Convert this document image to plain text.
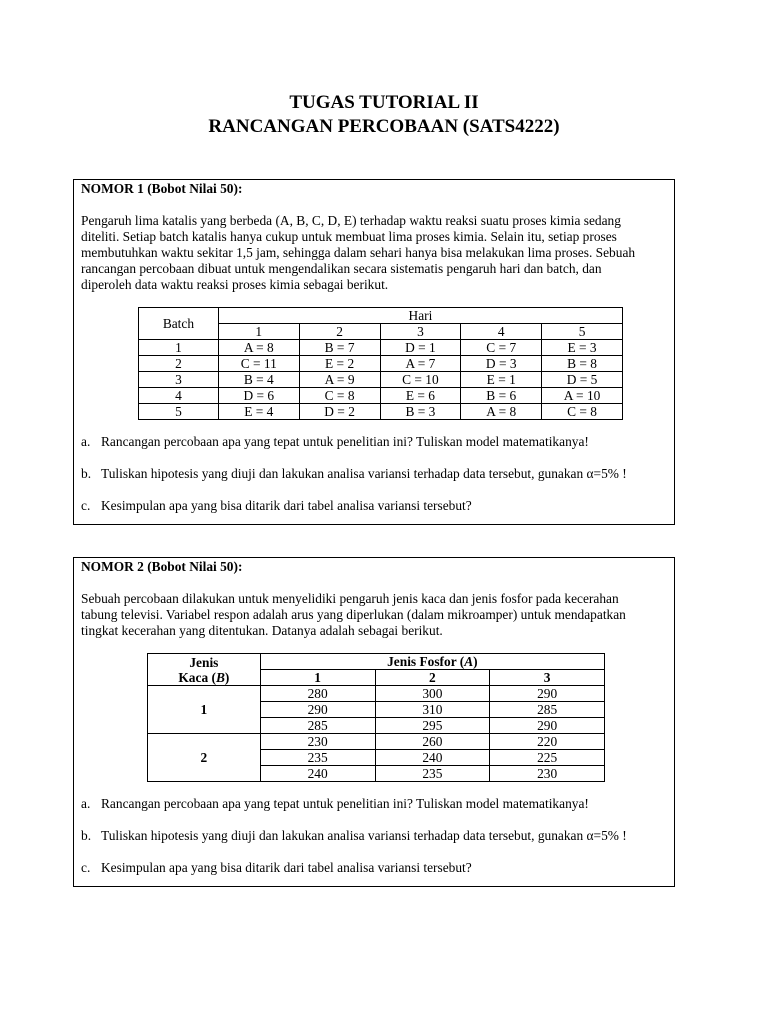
TUGAS TUTORIAL II
RANCANGAN PERCOBAAN (SATS4222)
NOMOR 1 (Bobot Nilai 50):
Pengaruh lima katalis yang berbeda (A, B, C, D, E) terhadap waktu reaksi suatu proses kimia sedang
diteliti. Setiap batch katalis hanya cukup untuk membuat lima proses kimia. Selain itu, setiap proses
membutuhkan waktu sekitar 1,5 jam, sehingga dalam sehari hanya bisa melakukan lima proses. Sebuah
rancangan percobaan dibuat untuk mengendalikan secara sistematis pengaruh hari dan batch, dan
diperoleh data waktu reaksi proses kimia sebagai berikut.
Batch	Hari				
	1	2	3	4	5
1	A = 8	B = 7	D = 1	C = 7	E = 3
2	C = 11	E = 2	A = 7	D = 3	B = 8
3	B = 4	A = 9	C = 10	E = 1	D = 5
4	D = 6	C = 8	E = 6	B = 6	A = 10
5	E = 4	D = 2	B = 3	A = 8	C = 8
a. Rancangan percobaan apa yang tepat untuk penelitian ini? Tuliskan model matematikanya!
b. Tuliskan hipotesis yang diuji dan lakukan analisa variansi terhadap data tersebut, gunakan α=5% !
c. Kesimpulan apa yang bisa ditarik dari tabel analisa variansi tersebut?
NOMOR 2 (Bobot Nilai 50):
Sebuah percobaan dilakukan untuk menyelidiki pengaruh jenis kaca dan jenis fosfor pada kecerahan
tabung televisi. Variabel respon adalah arus yang diperlukan (dalam mikroamper) untuk mendapatkan
tingkat kecerahan yang ditentukan. Datanya adalah sebagai berikut.
Jenis
Kaca (B)	Jenis Fosfor (A)		
	1	2	3
1	280	300	290
	290	310	285
	285	295	290
2	230	260	220
	235	240	225
	240	235	230
a. Rancangan percobaan apa yang tepat untuk penelitian ini? Tuliskan model matematikanya!
b. Tuliskan hipotesis yang diuji dan lakukan analisa variansi terhadap data tersebut, gunakan α=5% !
c. Kesimpulan apa yang bisa ditarik dari tabel analisa variansi tersebut?
